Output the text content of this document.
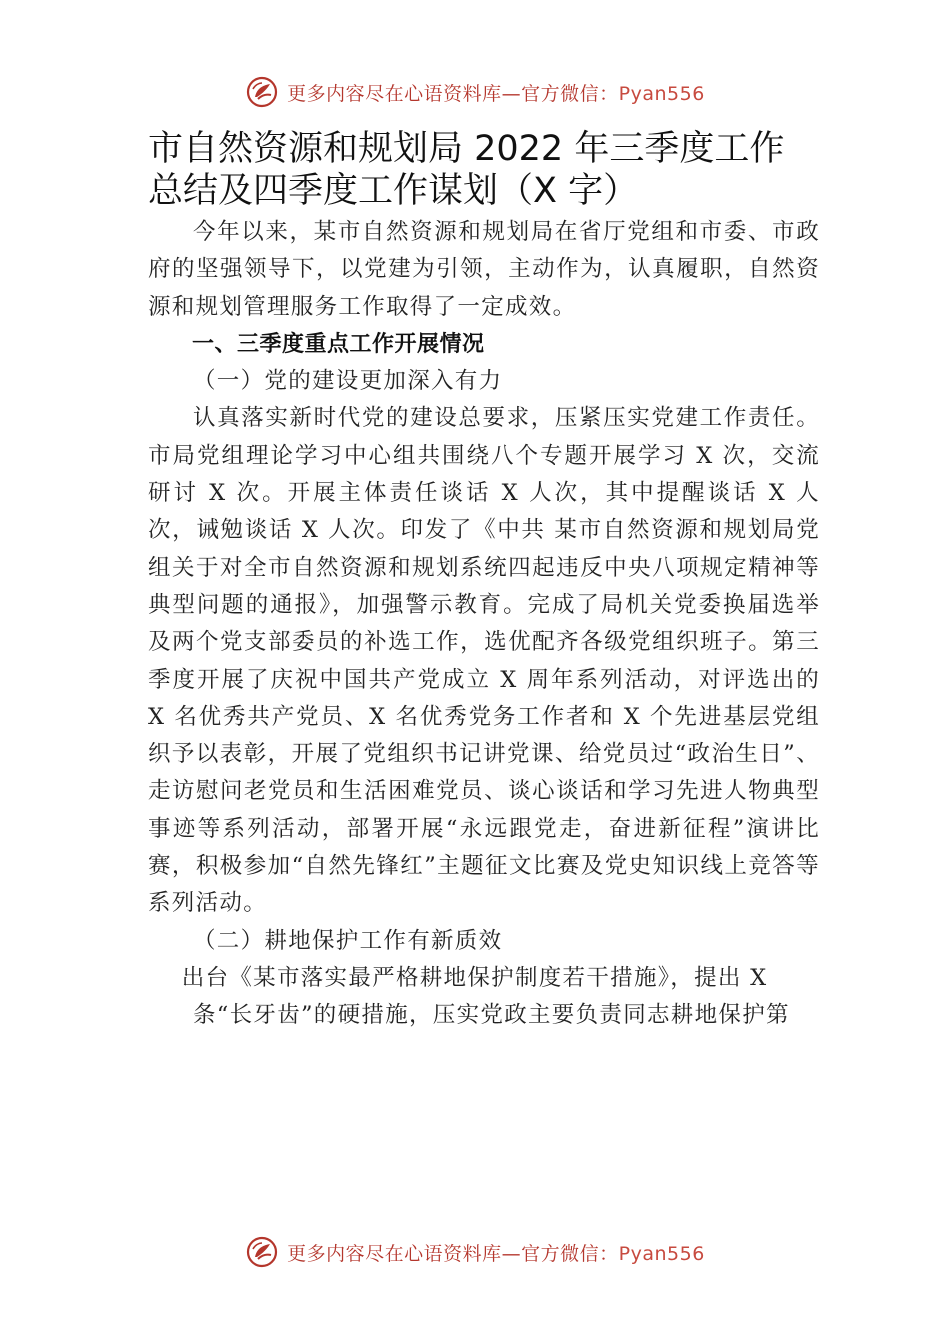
更多内容尽在心语资料库—官方微信：Pyan556
市自然资源和规划局 2022 年三季度工作总结及四季度工作谋划（X 字）

今年以来，某市自然资源和规划局在省厅党组和市委、市政府的坚强领导下，以党建为引领，主动作为，认真履职，自然资源和规划管理服务工作取得了一定成效。

一、三季度重点工作开展情况
（一）党的建设更加深入有力

认真落实新时代党的建设总要求，压紧压实党建工作责任。市局党组理论学习中心组共围绕八个专题开展学习 X 次，交流研讨 X 次。开展主体责任谈话 X 人次，其中提醒谈话 X 人次，诫勉谈话 X 人次。印发了《中共 某市自然资源和规划局党组关于对全市自然资源和规划系统四起违反中央八项规定精神等典型问题的通报》，加强警示教育。完成了局机关党委换届选举及两个党支部委员的补选工作，选优配齐各级党组织班子。第三季度开展了庆祝中国共产党成立 X 周年系列活动，对评选出的 X 名优秀共产党员、X 名优秀党务工作者和 X 个先进基层党组织予以表彰，开展了党组织书记讲党课、给党员过“政治生日”、走访慰问老党员和生活困难党员、谈心谈话和学习先进人物典型事迹等系列活动，部署开展“永远跟党走，奋进新征程”演讲比赛，积极参加“自然先锋红”主题征文比赛及党史知识线上竞答等系列活动。

（二）耕地保护工作有新质效

出台《某市落实最严格耕地保护制度若干措施》，提出 X

条“长牙齿”的硬措施，压实党政主要负责同志耕地保护第

更多内容尽在心语资料库—官方微信：Pyan556
